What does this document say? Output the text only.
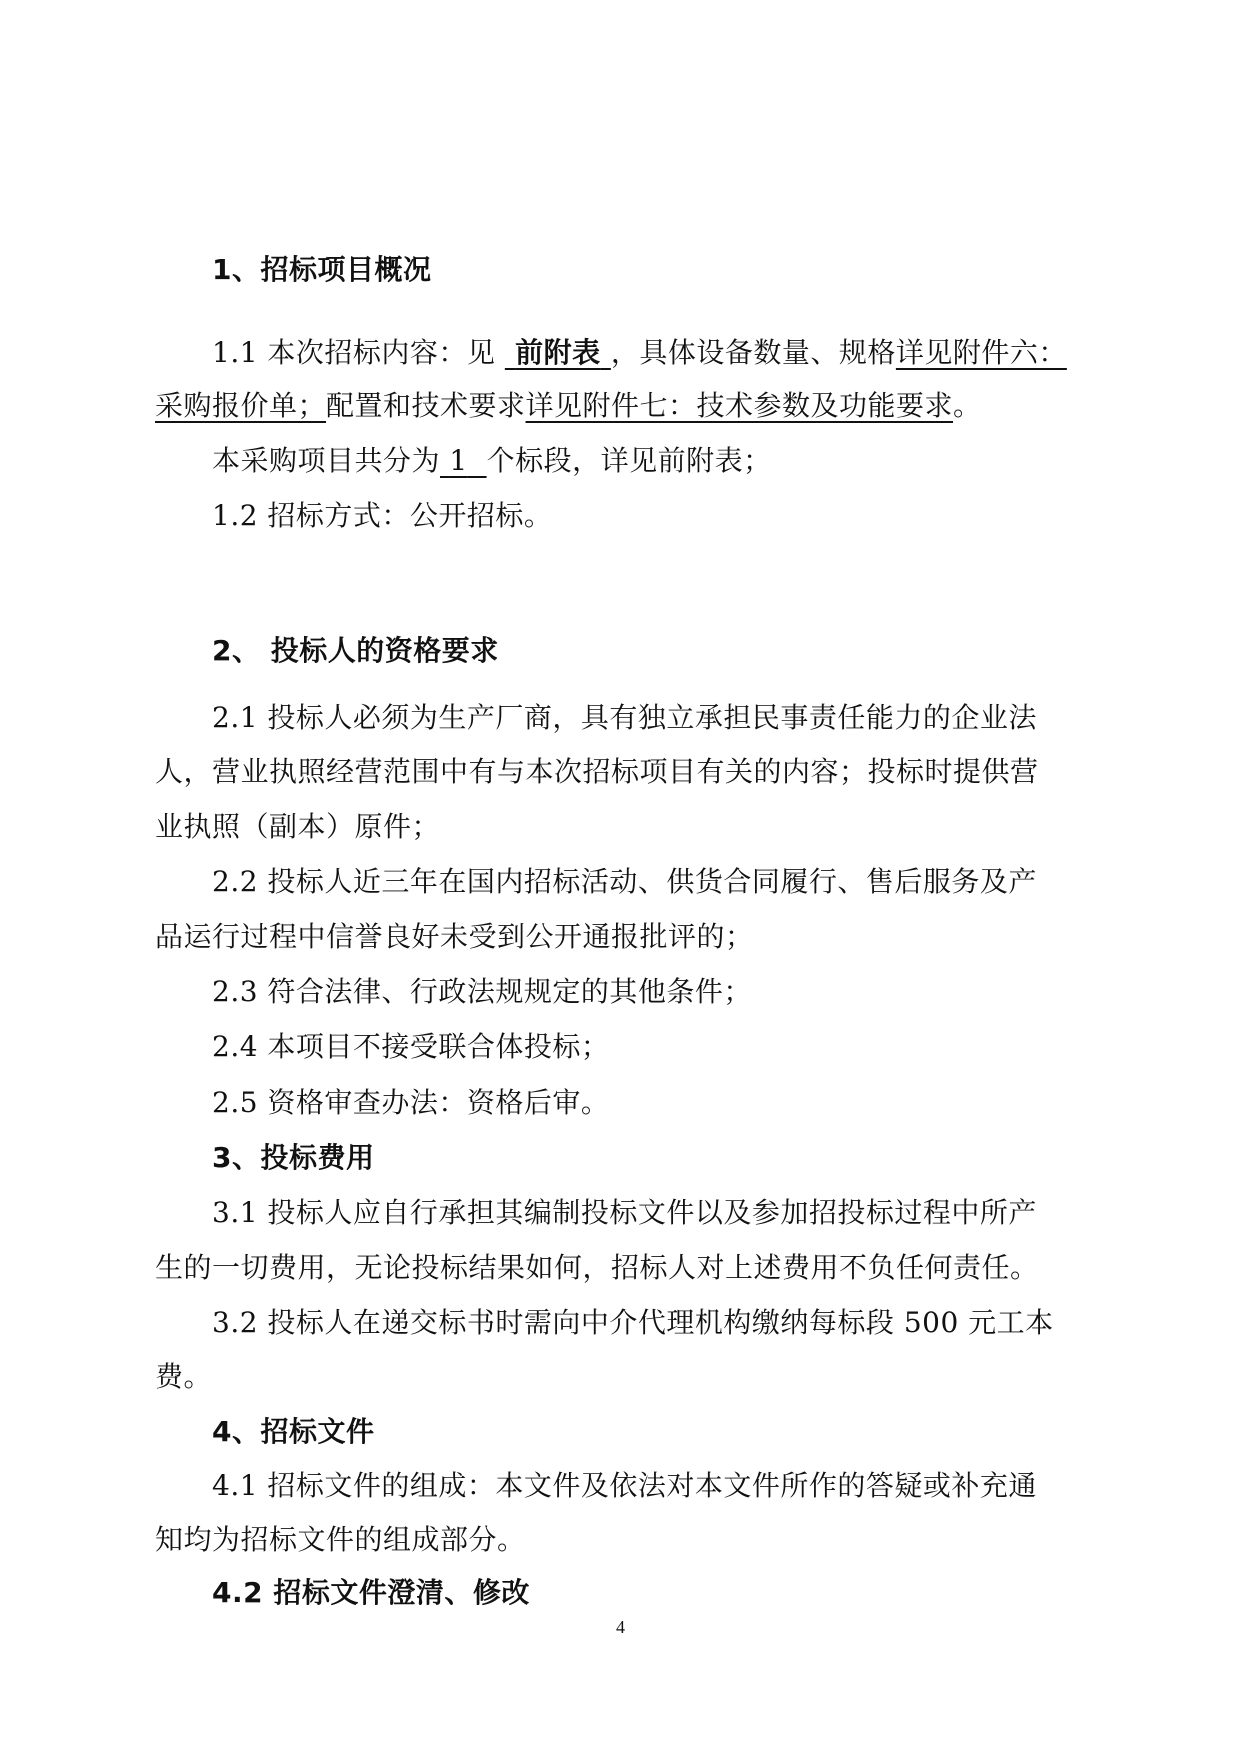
1、招标项目概况
1.1 本次招标内容：见 前附表 ，具体设备数量、规格详见附件六：
采购报价单；配置和技术要求详见附件七：技术参数及功能要求。
本采购项目共分为 1 个标段，详见前附表；
1.2 招标方式：公开招标。
2、 投标人的资格要求
2.1 投标人必须为生产厂商，具有独立承担民事责任能力的企业法
人，营业执照经营范围中有与本次招标项目有关的内容；投标时提供营
业执照（副本）原件；
2.2 投标人近三年在国内招标活动、供货合同履行、售后服务及产
品运行过程中信誉良好未受到公开通报批评的；
2.3 符合法律、行政法规规定的其他条件；
2.4 本项目不接受联合体投标；
2.5 资格审查办法：资格后审。
3、投标费用
3.1 投标人应自行承担其编制投标文件以及参加招投标过程中所产
生的一切费用，无论投标结果如何，招标人对上述费用不负任何责任。
3.2 投标人在递交标书时需向中介代理机构缴纳每标段 500 元工本
费。
4、招标文件
4.1 招标文件的组成：本文件及依法对本文件所作的答疑或补充通
知均为招标文件的组成部分。
4.2 招标文件澄清、修改
4
